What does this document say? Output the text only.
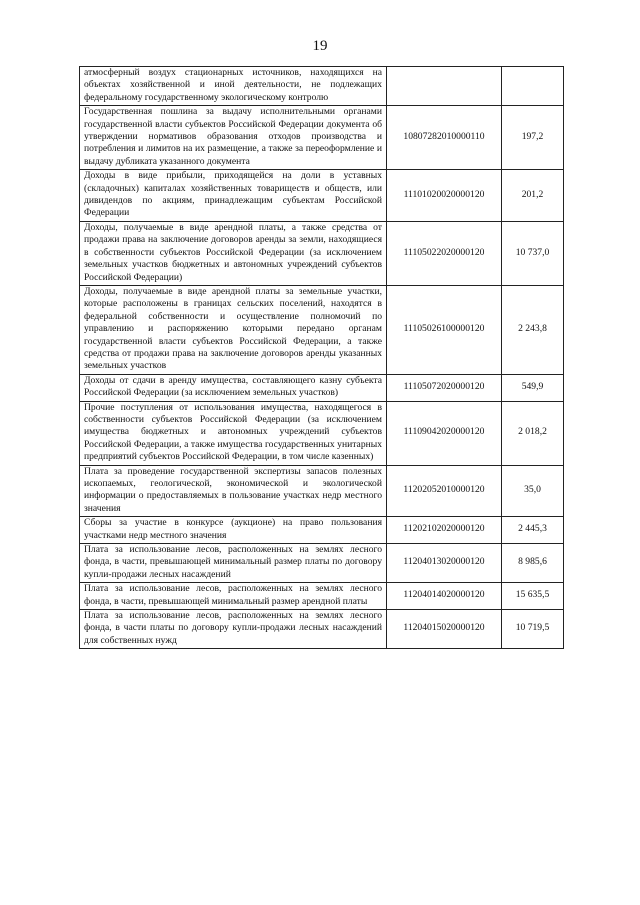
19
атмосферный воздух стационарных источников, находящихся на объектах хозяйственной и иной деятельности, не подлежащих федеральному государственному экологическому контролю		
Государственная пошлина за выдачу исполнительными органами государственной власти субъектов Российской Федерации документа об утверждении нормативов образования отходов производства и потребления и лимитов на их размещение, а также за переоформление и выдачу дубликата указанного документа	10807282010000110	197,2
Доходы в виде прибыли, приходящейся на доли в уставных (складочных) капиталах хозяйственных товариществ и обществ, или дивидендов по акциям, принадлежащим субъектам Российской Федерации	11101020020000120	201,2
Доходы, получаемые в виде арендной платы, а также средства от продажи права на заключение договоров аренды за земли, находящиеся в собственности субъектов Российской Федерации (за исключением земельных участков бюджетных и автономных учреждений субъектов Российской Федерации)	11105022020000120	10 737,0
Доходы, получаемые в виде арендной платы за земельные участки, которые расположены в границах сельских поселений, находятся в федеральной собственности и осуществление полномочий по управлению и распоряжению которыми передано органам государственной власти субъектов Российской Федерации, а также средства от продажи права на заключение договоров аренды указанных земельных участков	11105026100000120	2 243,8
Доходы от сдачи в аренду имущества, составляющего казну субъекта Российской Федерации (за исключением земельных участков)	11105072020000120	549,9
Прочие поступления от использования имущества, находящегося в собственности субъектов Российской Федерации (за исключением имущества бюджетных и автономных учреждений субъектов Российской Федерации, а также имущества государственных унитарных предприятий субъектов Российской Федерации, в том числе казенных)	11109042020000120	2 018,2
Плата за проведение государственной экспертизы запасов полезных ископаемых, геологической, экономической и экологической информации о предоставляемых в пользование участках недр местного значения	11202052010000120	35,0
Сборы за участие в конкурсе (аукционе) на право пользования участками недр местного значения	11202102020000120	2 445,3
Плата за использование лесов, расположенных на землях лесного фонда, в части, превышающей минимальный размер платы по договору купли-продажи лесных насаждений	11204013020000120	8 985,6
Плата за использование лесов, расположенных на землях лесного фонда, в части, превышающей минимальный размер арендной платы	11204014020000120	15 635,5
Плата за использование лесов, расположенных на землях лесного фонда, в части платы по договору купли-продажи лесных насаждений для собственных нужд	11204015020000120	10 719,5
